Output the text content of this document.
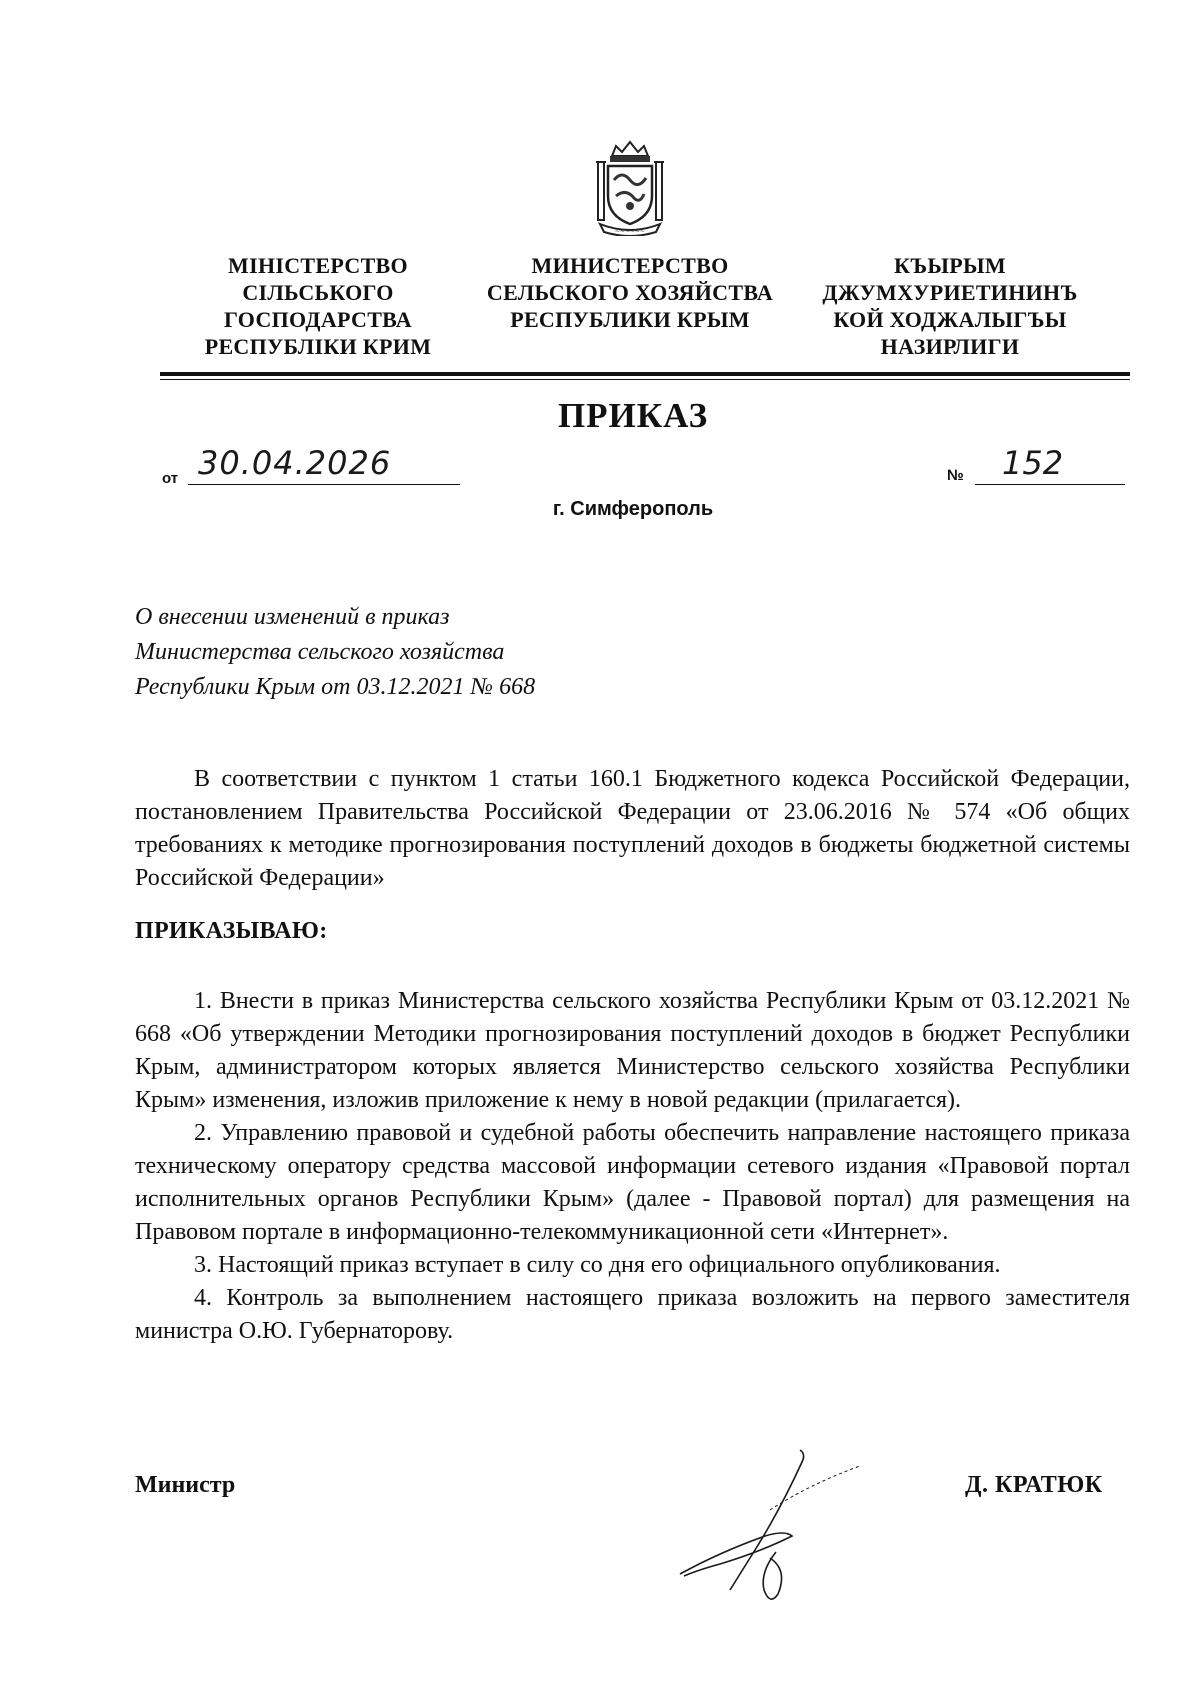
~~~~~~
МІНІСТЕРСТВО
СІЛЬСЬКОГО
ГОСПОДАРСТВА
РЕСПУБЛІКИ КРИМ
МИНИСТЕРСТВО
СЕЛЬСКОГО ХОЗЯЙСТВА
РЕСПУБЛИКИ КРЫМ
КЪЫРЫМ
ДЖУМХУРИЕТИНИНЪ
КОЙ ХОДЖАЛЫГЪЫ
НАЗИРЛИГИ
ПРИКАЗ
от 30.04.2026	№ 152
г. Симферополь
О внесении изменений в приказ
Министерства сельского хозяйства
Республики Крым от 03.12.2021 № 668
В соответствии с пунктом 1 статьи 160.1 Бюджетного кодекса Российской Федерации, постановлением Правительства Российской Федерации от 23.06.2016 № 574 «Об общих требованиях к методике прогнозирования поступлений доходов в бюджеты бюджетной системы Российской Федерации»
ПРИКАЗЫВАЮ:

1. Внести в приказ Министерства сельского хозяйства Республики Крым от 03.12.2021 № 668 «Об утверждении Методики прогнозирования поступлений доходов в бюджет Республики Крым, администратором которых является Министерство сельского хозяйства Республики Крым» изменения, изложив приложение к нему в новой редакции (прилагается).

2. Управлению правовой и судебной работы обеспечить направление настоящего приказа техническому оператору средства массовой информации сетевого издания «Правовой портал исполнительных органов Республики Крым» (далее - Правовой портал) для размещения на Правовом портале в информационно-телекоммуникационной сети «Интернет».

3. Настоящий приказ вступает в силу со дня его официального опубликования.

4. Контроль за выполнением настоящего приказа возложить на первого заместителя министра О.Ю. Губернаторову.

Министр	Д. КРАТЮК
